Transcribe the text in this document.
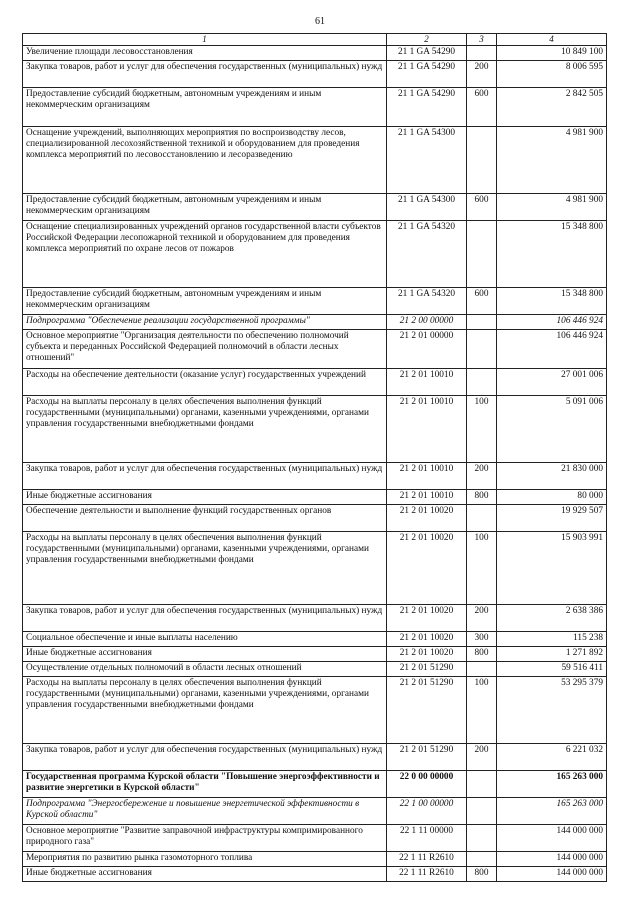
61
1	2	3	4
Увеличение площади лесовосстановления	21 1 GA 54290		10 849 100
Закупка товаров, работ и услуг для обеспечения государственных (муниципальных) нужд	21 1 GA 54290	200	8 006 595
Предоставление субсидий бюджетным, автономным учреждениям и иным некоммерческим организациям	21 1 GA 54290	600	2 842 505
Оснащение учреждений, выполняющих мероприятия по воспроизводству лесов, специализированной лесохозяйственной техникой и оборудованием для проведения комплекса мероприятий по лесовосстановлению и лесоразведению	21 1 GA 54300		4 981 900
Предоставление субсидий бюджетным, автономным учреждениям и иным некоммерческим организациям	21 1 GA 54300	600	4 981 900
Оснащение специализированных учреждений органов государственной власти субъектов Российской Федерации лесопожарной техникой и оборудованием для проведения комплекса мероприятий по охране лесов от пожаров	21 1 GA 54320		15 348 800
Предоставление субсидий бюджетным, автономным учреждениям и иным некоммерческим организациям	21 1 GA 54320	600	15 348 800
Подпрограмма "Обеспечение реализации государственной программы"	21 2 00 00000		106 446 924
Основное мероприятие "Организация деятельности по обеспечению полномочий субъекта и переданных Российской Федерацией полномочий в области лесных отношений"	21 2 01 00000		106 446 924
Расходы на обеспечение деятельности (оказание услуг) государственных учреждений	21 2 01 10010		27 001 006
Расходы на выплаты персоналу в целях обеспечения выполнения функций государственными (муниципальными) органами, казенными учреждениями, органами управления государственными внебюджетными фондами	21 2 01 10010	100	5 091 006
Закупка товаров, работ и услуг для обеспечения государственных (муниципальных) нужд	21 2 01 10010	200	21 830 000
Иные бюджетные ассигнования	21 2 01 10010	800	80 000
Обеспечение деятельности и выполнение функций государственных органов	21 2 01 10020		19 929 507
Расходы на выплаты персоналу в целях обеспечения выполнения функций государственными (муниципальными) органами, казенными учреждениями, органами управления государственными внебюджетными фондами	21 2 01 10020	100	15 903 991
Закупка товаров, работ и услуг для обеспечения государственных (муниципальных) нужд	21 2 01 10020	200	2 638 386
Социальное обеспечение и иные выплаты населению	21 2 01 10020	300	115 238
Иные бюджетные ассигнования	21 2 01 10020	800	1 271 892
Осуществление отдельных полномочий в области лесных отношений	21 2 01 51290		59 516 411
Расходы на выплаты персоналу в целях обеспечения выполнения функций государственными (муниципальными) органами, казенными учреждениями, органами управления государственными внебюджетными фондами	21 2 01 51290	100	53 295 379
Закупка товаров, работ и услуг для обеспечения государственных (муниципальных) нужд	21 2 01 51290	200	6 221 032
Государственная программа Курской области "Повышение энергоэффективности и развитие энергетики в Курской области"	22 0 00 00000		165 263 000
Подпрограмма "Энергосбережение и повышение энергетической эффективности в Курской области"	22 1 00 00000		165 263 000
Основное мероприятие "Развитие заправочной инфраструктуры компримированного природного газа"	22 1 11 00000		144 000 000
Мероприятия по развитию рынка газомоторного топлива	22 1 11 R2610		144 000 000
Иные бюджетные ассигнования	22 1 11 R2610	800	144 000 000
